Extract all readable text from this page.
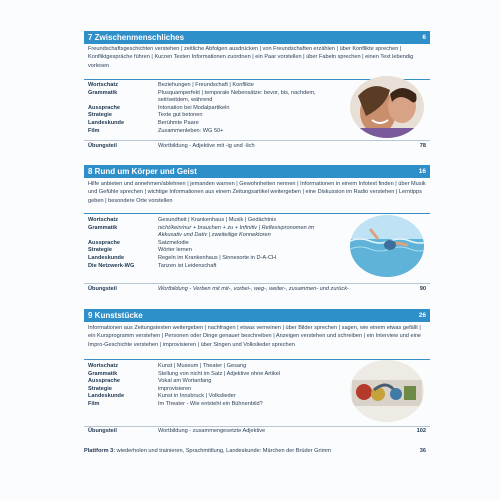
7 Zwischenmenschliches	6
Freundschaftsgeschichten verstehen | zeitliche Abfolgen ausdrücken | von Freundschaften erzählen | über Konflikte sprechen | Konfliktgespräche führen | Kurzen Texten Informationen zuordnen | ein Paar vorstellen | über Fabeln sprechen | einen Text lebendig vorlesen
Wortschatz	Beziehungen | Freundschaft | Konflikte
Grammatik	Plusquamperfekt | temporale Nebensätze: bevor, bis, nachdem, seit/seitdem, während
Aussprache	Intonation bei Modalpartikeln
Strategie	Texte gut betonen
Landeskunde	Berühmte Paare
Film	Zusammenleben: WG 50+
Übungsteil	Wortbildung - Adjektive mit -ig und -lich	78
8 Rund um Körper und Geist	16
Hilfe anbieten und annehmen/ablehnen | jemanden warnen | Gewohnheiten nennen | Informationen in einem Infotext finden | über Musik und Gefühle sprechen | wichtige Informationen aus einem Zeitungsartikel weitergeben | eine Diskussion im Radio verstehen | Lerntipps geben | besondere Orte vorstellen
Wortschatz	Gesundheit | Krankenhaus | Musik | Gedächtnis
Grammatik	nicht/kein/nur + brauchen + zu + Infinitiv | Reflexivpronomen im Akkusativ und Dativ | zweiteilige Konnektoren
Aussprache	Satzmelodie
Strategie	Wörter lernen
Landeskunde	Regeln im Krankenhaus | Sinnesorte in D-A-CH
Die Netzwerk-WG	Tanzen ist Leidenschaft
Übungsteil	Wortbildung - Verben mit mit-, vorbei-, weg-, weiter-, zusammen- und zurück-	90
9 Kunststücke	26
Informationen aus Zeitungstexten weitergeben | nachfragen | etwas verneinen | über Bilder sprechen | sagen, wie einem etwas gefällt | ein Kursprogramm verstehen | Personen oder Dinge genauer beschreiben | Anzeigen verstehen und schreiben | ein Interview und eine Impro-Geschichte verstehen | improvisieren | über Singen und Volkslieder sprechen
Wortschatz	Kunst | Museum | Theater | Gesang
Grammatik	Stellung von nicht im Satz | Adjektive ohne Artikel
Aussprache	Vokal am Wortanfang
Strategie	improvisieren
Landeskunde	Kunst in Innsbruck | Volkslieder
Film	Im Theater - Wie entsteht ein Bühnenbild?
Übungsteil	Wortbildung - zusammengesetzte Adjektive	102
Plattform 3: wiederholen und trainieren, Sprachmittlung, Landeskunde: Märchen der Brüder Grimm	36
